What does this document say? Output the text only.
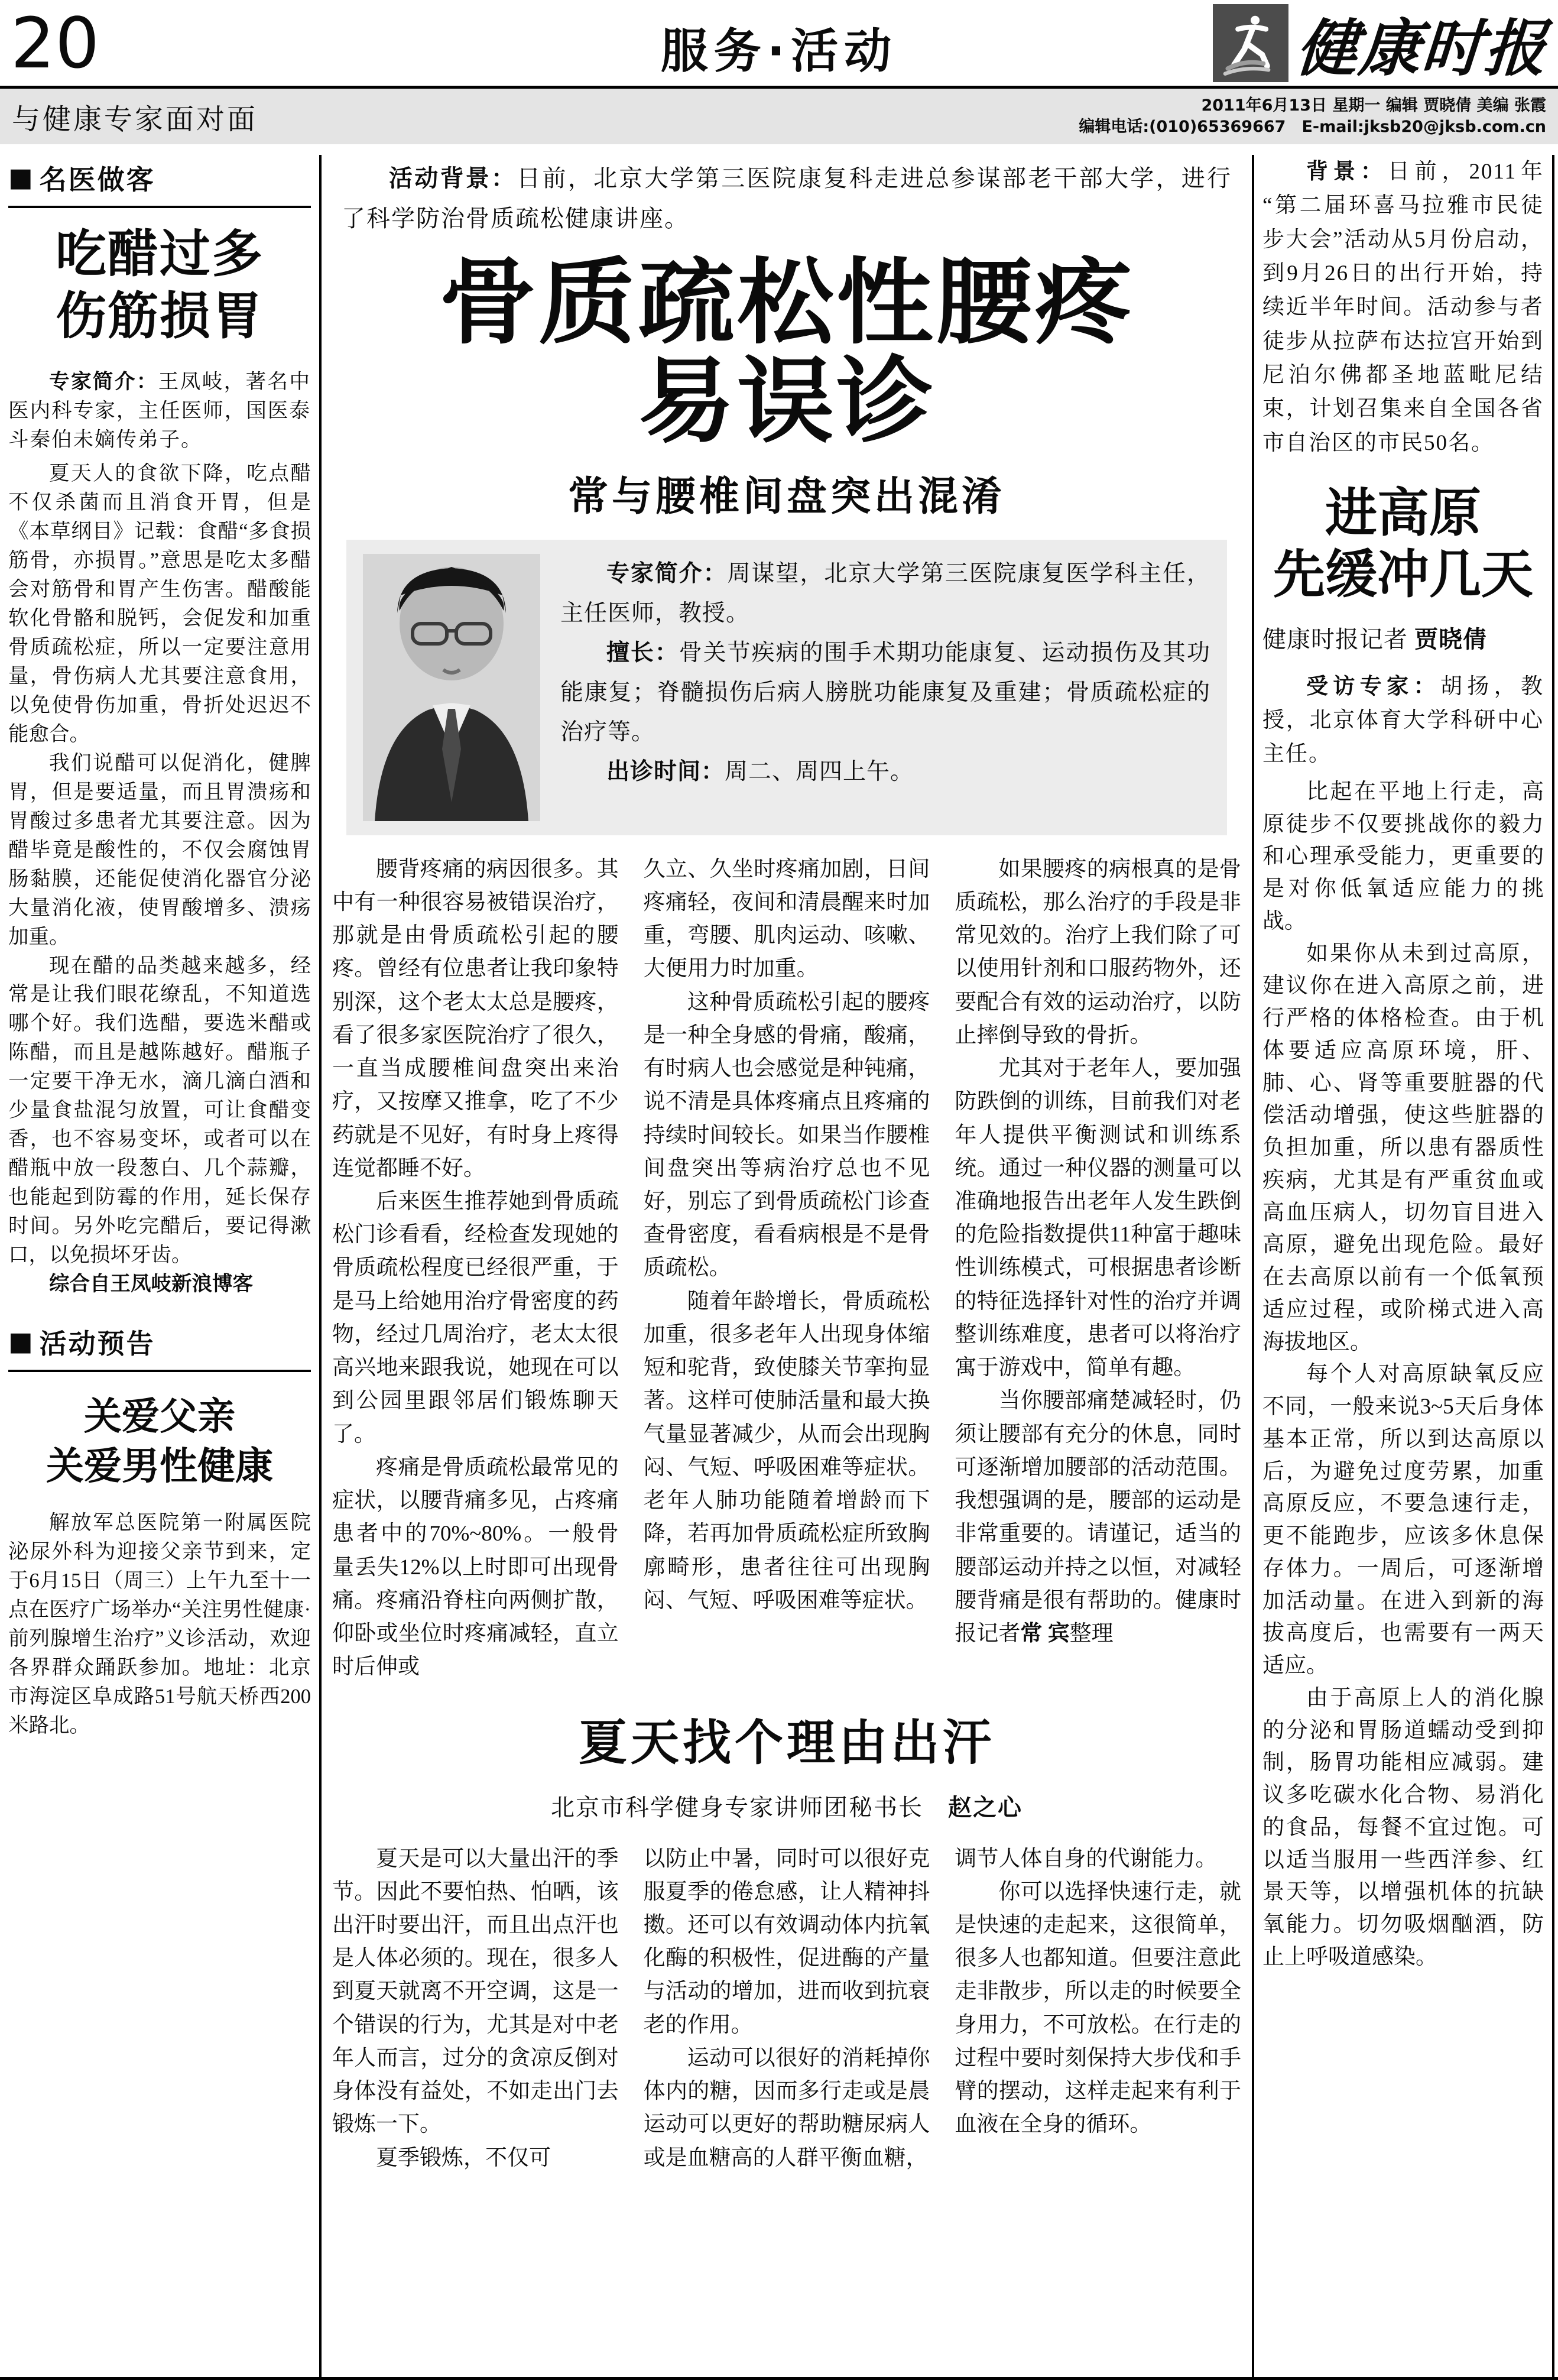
20	服务·活动	健康时报
与健康专家面对面	2011年6月13日 星期一 编辑 贾晓倩 美编 张霞
编辑电话:(010)65369667　E-mail:jksb20@jksb.com.cn
■ 名医做客
吃醋过多
伤筋损胃

专家简介：王凤岐，著名中医内科专家，主任医师，国医泰斗秦伯未嫡传弟子。

夏天人的食欲下降，吃点醋不仅杀菌而且消食开胃，但是《本草纲目》记载：食醋“多食损筋骨，亦损胃。”意思是吃太多醋会对筋骨和胃产生伤害。醋酸能软化骨骼和脱钙，会促发和加重骨质疏松症，所以一定要注意用量，骨伤病人尤其要注意食用，以免使骨伤加重，骨折处迟迟不能愈合。

我们说醋可以促消化，健脾胃，但是要适量，而且胃溃疡和胃酸过多患者尤其要注意。因为醋毕竟是酸性的，不仅会腐蚀胃肠黏膜，还能促使消化器官分泌大量消化液，使胃酸增多、溃疡加重。

现在醋的品类越来越多，经常是让我们眼花缭乱，不知道选哪个好。我们选醋，要选米醋或陈醋，而且是越陈越好。醋瓶子一定要干净无水，滴几滴白酒和少量食盐混匀放置，可让食醋变香，也不容易变坏，或者可以在醋瓶中放一段葱白、几个蒜瓣，也能起到防霉的作用，延长保存时间。另外吃完醋后，要记得漱口，以免损坏牙齿。

综合自王凤岐新浪博客

■ 活动预告
关爱父亲
关爱男性健康

解放军总医院第一附属医院泌尿外科为迎接父亲节到来，定于6月15日（周三）上午九至十一点在医疗广场举办“关注男性健康·前列腺增生治疗”义诊活动，欢迎各界群众踊跃参加。地址：北京市海淀区阜成路51号航天桥西200米路北。

活动背景：日前，北京大学第三医院康复科走进总参谋部老干部大学，进行了科学防治骨质疏松健康讲座。

骨质疏松性腰疼
易误诊
常与腰椎间盘突出混淆

专家简介：周谋望，北京大学第三医院康复医学科主任，主任医师，教授。

擅长：骨关节疾病的围手术期功能康复、运动损伤及其功能康复；脊髓损伤后病人膀胱功能康复及重建；骨质疏松症的治疗等。

出诊时间：周二、周四上午。

腰背疼痛的病因很多。其中有一种很容易被错误治疗，那就是由骨质疏松引起的腰疼。曾经有位患者让我印象特别深，这个老太太总是腰疼，看了很多家医院治疗了很久，一直当成腰椎间盘突出来治疗，又按摩又推拿，吃了不少药就是不见好，有时身上疼得连觉都睡不好。

后来医生推荐她到骨质疏松门诊看看，经检查发现她的骨质疏松程度已经很严重，于是马上给她用治疗骨密度的药物，经过几周治疗，老太太很高兴地来跟我说，她现在可以到公园里跟邻居们锻炼聊天了。

疼痛是骨质疏松最常见的症状，以腰背痛多见，占疼痛患者中的70%~80%。一般骨量丢失12%以上时即可出现骨痛。疼痛沿脊柱向两侧扩散，仰卧或坐位时疼痛减轻，直立时后伸或

久立、久坐时疼痛加剧，日间疼痛轻，夜间和清晨醒来时加重，弯腰、肌肉运动、咳嗽、大便用力时加重。

这种骨质疏松引起的腰疼是一种全身感的骨痛，酸痛，有时病人也会感觉是种钝痛，说不清是具体疼痛点且疼痛的持续时间较长。如果当作腰椎间盘突出等病治疗总也不见好，别忘了到骨质疏松门诊查查骨密度，看看病根是不是骨质疏松。

随着年龄增长，骨质疏松加重，很多老年人出现身体缩短和驼背，致使膝关节挛拘显著。这样可使肺活量和最大换气量显著减少，从而会出现胸闷、气短、呼吸困难等症状。老年人肺功能随着增龄而下降，若再加骨质疏松症所致胸廓畸形，患者往往可出现胸闷、气短、呼吸困难等症状。

如果腰疼的病根真的是骨质疏松，那么治疗的手段是非常见效的。治疗上我们除了可以使用针剂和口服药物外，还要配合有效的运动治疗，以防止摔倒导致的骨折。

尤其对于老年人，要加强防跌倒的训练，目前我们对老年人提供平衡测试和训练系统。通过一种仪器的测量可以准确地报告出老年人发生跌倒的危险指数提供11种富于趣味性训练模式，可根据患者诊断的特征选择针对性的治疗并调整训练难度，患者可以将治疗寓于游戏中，简单有趣。

当你腰部痛楚减轻时，仍须让腰部有充分的休息，同时可逐渐增加腰部的活动范围。我想强调的是，腰部的运动是非常重要的。请谨记，适当的腰部运动并持之以恒，对减轻腰背痛是很有帮助的。健康时报记者常 宾整理

夏天找个理由出汗

北京市科学健身专家讲师团秘书长　 赵之心

夏天是可以大量出汗的季节。因此不要怕热、怕晒，该出汗时要出汗，而且出点汗也是人体必须的。现在，很多人到夏天就离不开空调，这是一个错误的行为，尤其是对中老年人而言，过分的贪凉反倒对身体没有益处，不如走出门去锻炼一下。

夏季锻炼，不仅可

以防止中暑，同时可以很好克服夏季的倦怠感，让人精神抖擞。还可以有效调动体内抗氧化酶的积极性，促进酶的产量与活动的增加，进而收到抗衰老的作用。

运动可以很好的消耗掉你体内的糖，因而多行走或是晨运动可以更好的帮助糖尿病人或是血糖高的人群平衡血糖，

调节人体自身的代谢能力。

你可以选择快速行走，就是快速的走起来，这很简单，很多人也都知道。但要注意此走非散步，所以走的时候要全身用力，不可放松。在行走的过程中要时刻保持大步伐和手臂的摆动，这样走起来有利于血液在全身的循环。

背景：日前，2011年“第二届环喜马拉雅市民徒步大会”活动从5月份启动，到9月26日的出行开始，持续近半年时间。活动参与者徒步从拉萨布达拉宫开始到尼泊尔佛都圣地蓝毗尼结束，计划召集来自全国各省市自治区的市民50名。

进高原
先缓冲几天

健康时报记者 贾晓倩

受访专家：胡扬，教授，北京体育大学科研中心主任。

比起在平地上行走，高原徒步不仅要挑战你的毅力和心理承受能力，更重要的是对你低氧适应能力的挑战。

如果你从未到过高原，建议你在进入高原之前，进行严格的体格检查。由于机体要适应高原环境，肝、肺、心、肾等重要脏器的代偿活动增强，使这些脏器的负担加重，所以患有器质性疾病，尤其是有严重贫血或高血压病人，切勿盲目进入高原，避免出现危险。最好在去高原以前有一个低氧预适应过程，或阶梯式进入高海拔地区。

每个人对高原缺氧反应不同，一般来说3~5天后身体基本正常，所以到达高原以后，为避免过度劳累，加重高原反应，不要急速行走，更不能跑步，应该多休息保存体力。一周后，可逐渐增加活动量。在进入到新的海拔高度后，也需要有一两天适应。

由于高原上人的消化腺的分泌和胃肠道蠕动受到抑制，肠胃功能相应减弱。建议多吃碳水化合物、易消化的食品，每餐不宜过饱。可以适当服用一些西洋参、红景天等，以增强机体的抗缺氧能力。切勿吸烟酗酒，防止上呼吸道感染。
